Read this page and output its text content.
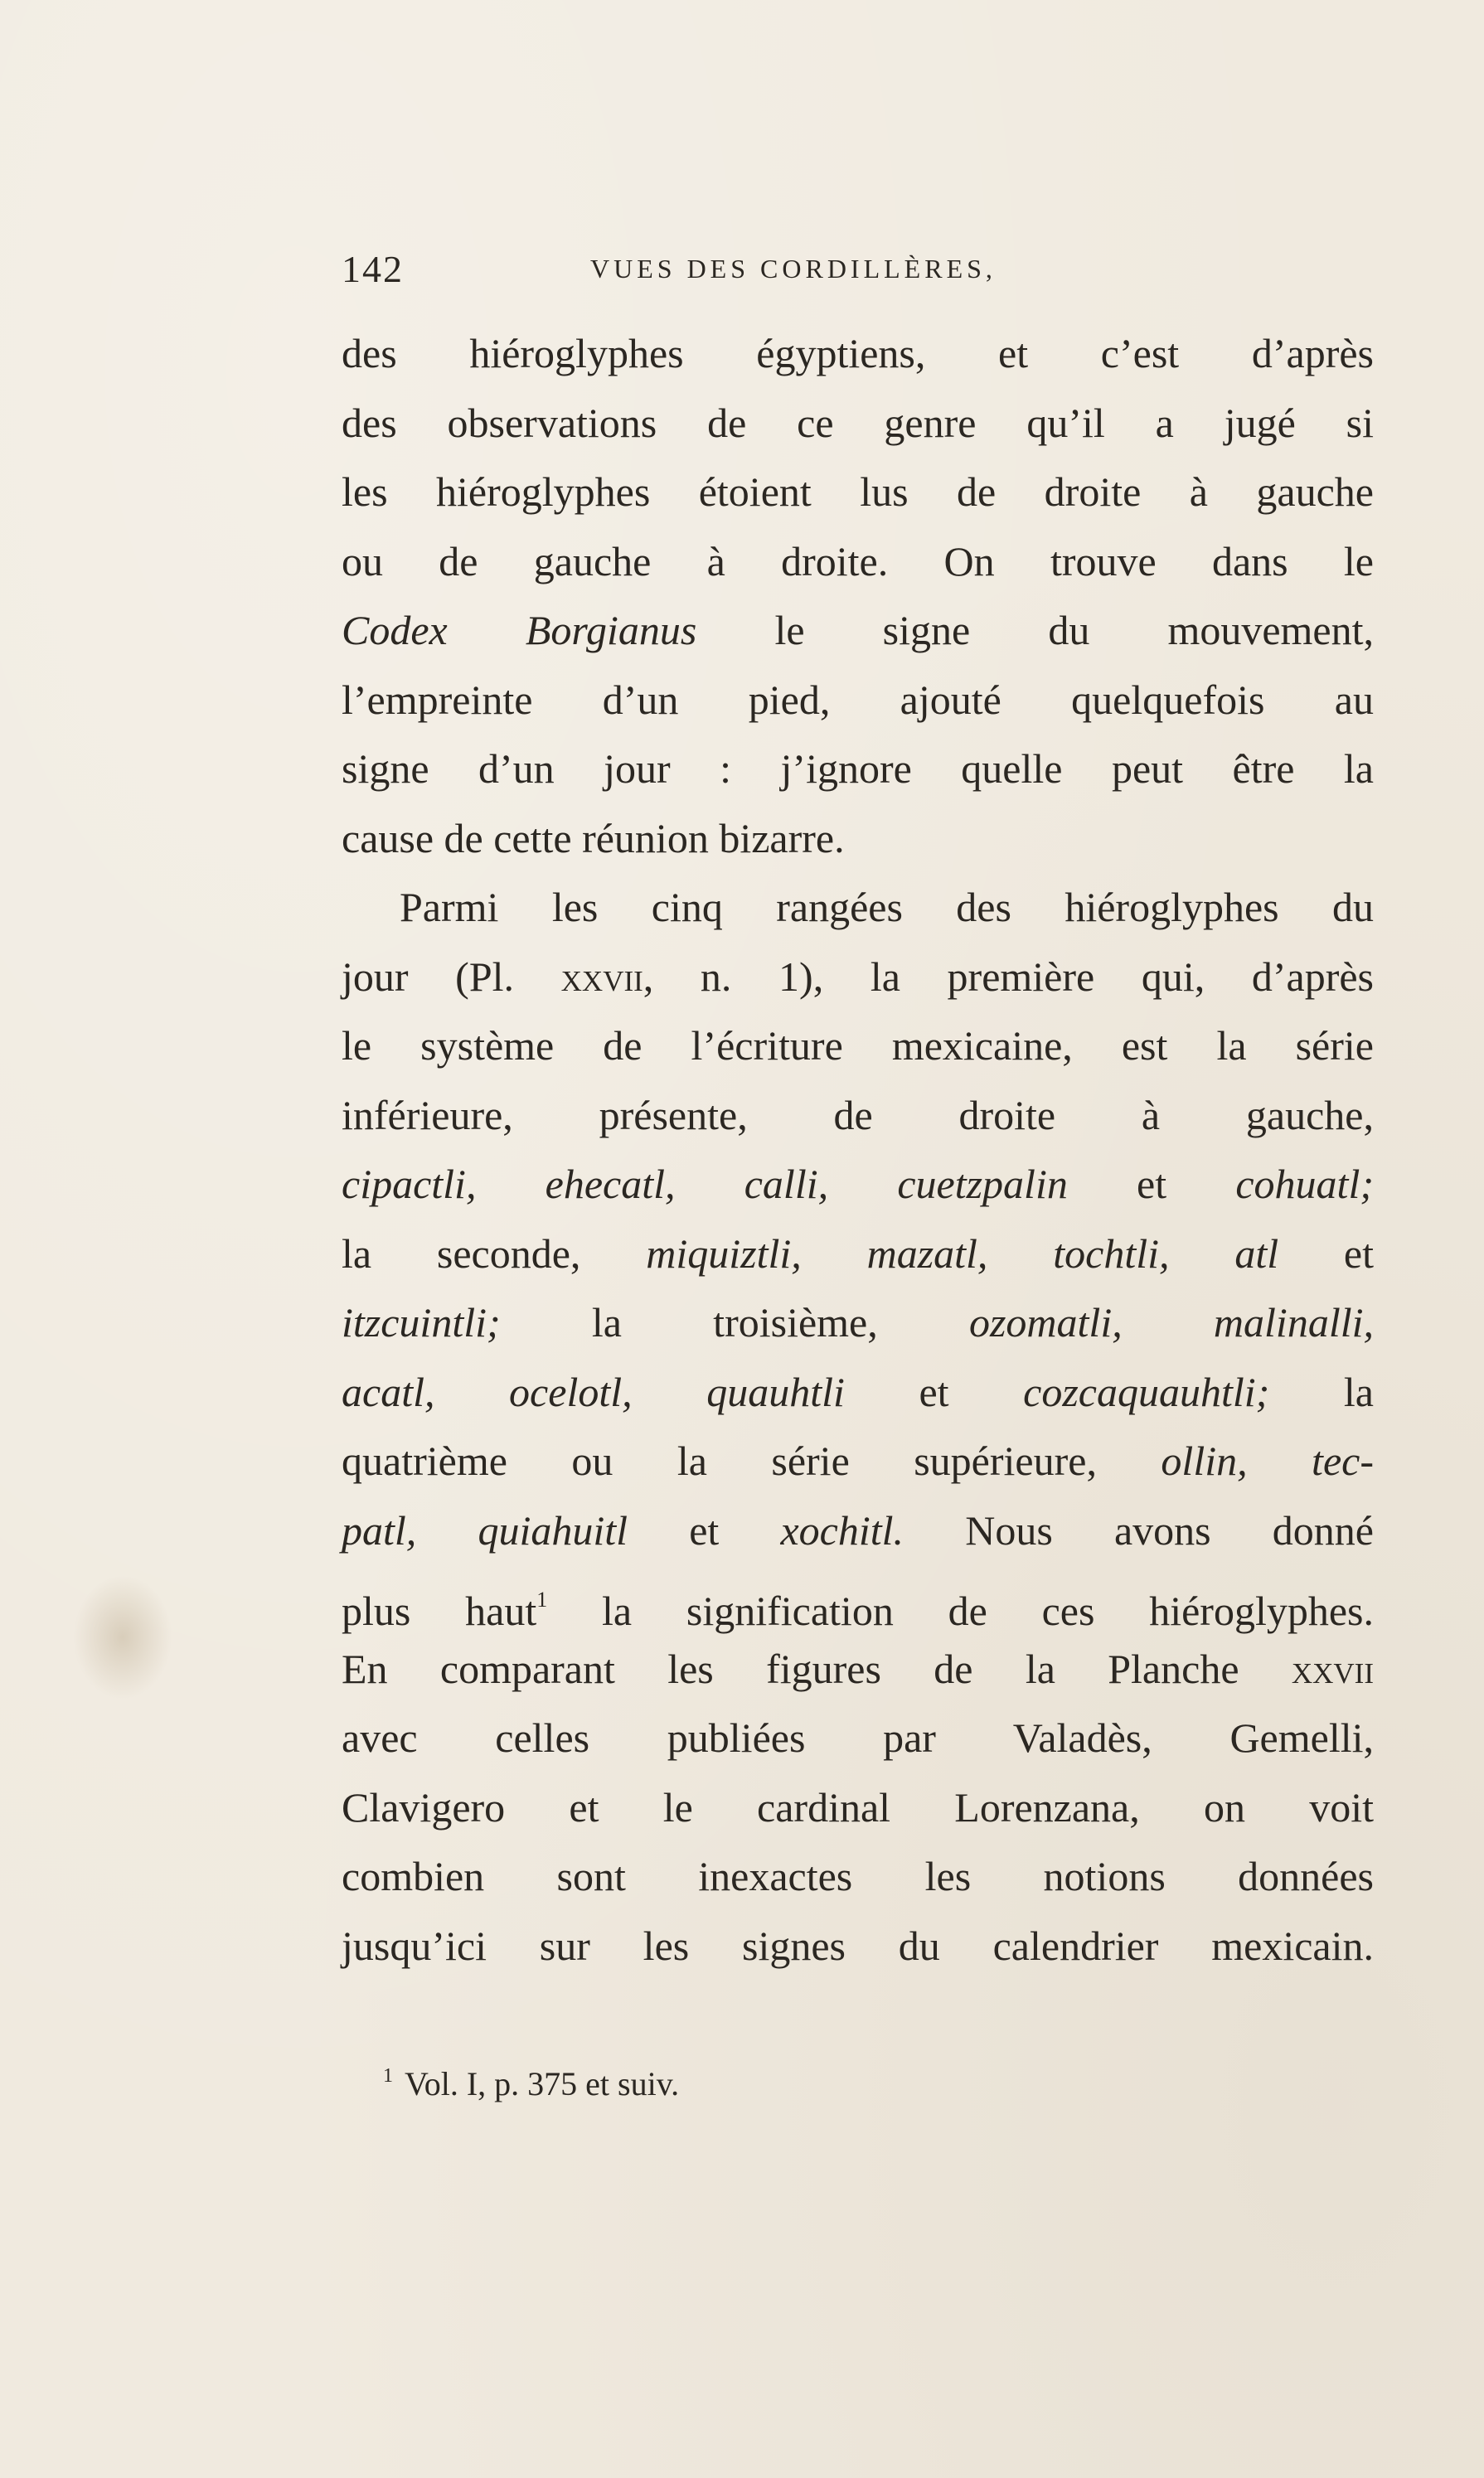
142	VUES DES CORDILLÈRES,
des hiéroglyphes égyptiens, et c’est d’après
des observations de ce genre qu’il a jugé si
les hiéroglyphes étoient lus de droite à gauche
ou de gauche à droite. On trouve dans le
Codex Borgianus le signe du mouvement,
l’empreinte d’un pied, ajouté quelquefois au
signe d’un jour : j’ignore quelle peut être la
cause de cette réunion bizarre.
Parmi les cinq rangées des hiéroglyphes du
jour (Pl. xxvii, n. 1), la première qui, d’après
le système de l’écriture mexicaine, est la série
inférieure, présente, de droite à gauche,
cipactli, ehecatl, calli, cuetzpalin et cohuatl;
la seconde, miquiztli, mazatl, tochtli, atl et
itzcuintli; la troisième, ozomatli, malinalli,
acatl, ocelotl, quauhtli et cozcaquauhtli; la
quatrième ou la série supérieure, ollin, tec-
patl, quiahuitl et xochitl. Nous avons donné
plus haut$^1$ la signification de ces hiéroglyphes.
En comparant les figures de la Planche xxvii
avec celles publiées par Valadès, Gemelli,
Clavigero et le cardinal Lorenzana, on voit
combien sont inexactes les notions données
jusqu’ici sur les signes du calendrier mexicain.
$^1$ Vol. I, p. 375 et suiv.
